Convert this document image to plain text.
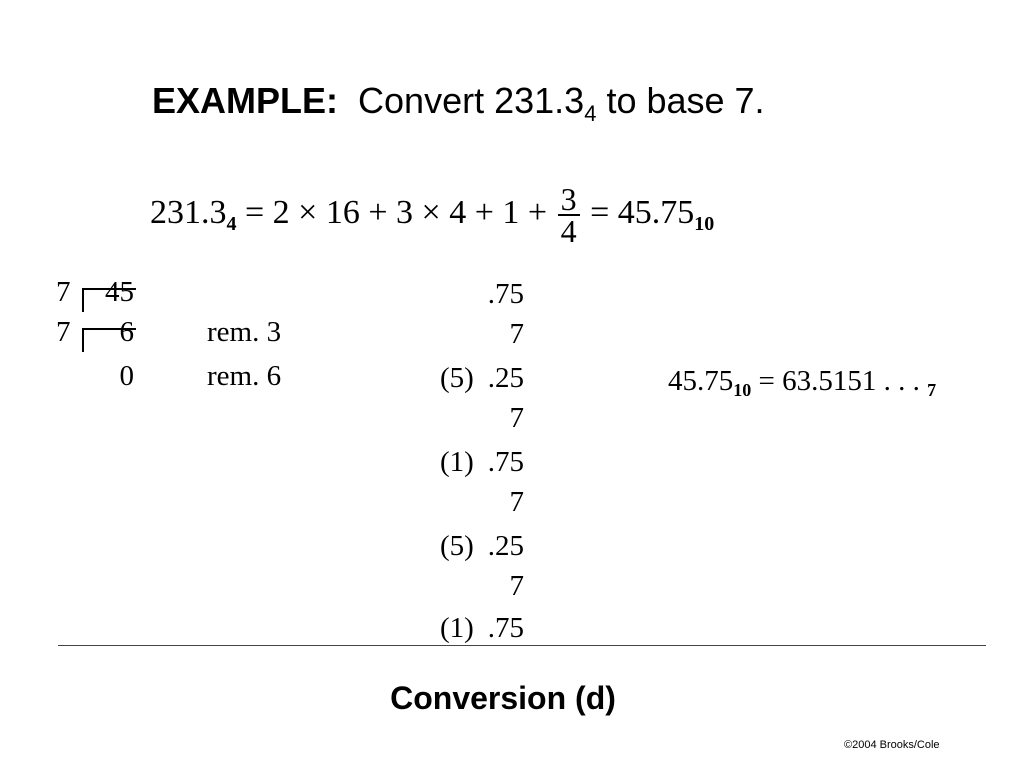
EXAMPLE: Convert $231.3_4$ to base 7.
$231.3_4 = 2 \times 16 + 3 \times 4 + 1 + \frac{3}{4} = 45.75_{10}$
7	45
7	6	rem. 3
0	rem. 6
.75
7
(5) .25
7
(1) .75
7
(5) .25
7
(1) .75
$45.75_{10} = 63.5151$ . . . $_7$
Conversion (d)
©2004 Brooks/Cole
